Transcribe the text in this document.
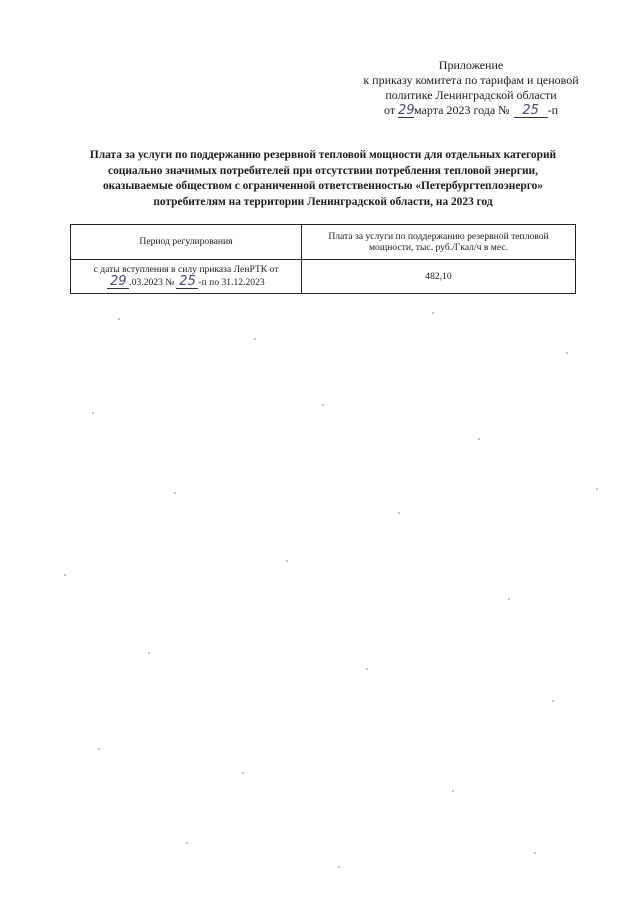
Приложение
к приказу комитета по тарифам и ценовой
политике Ленинградской области
от 29марта 2023 года № 25 -п
Плата за услуги по поддержанию резервной тепловой мощности для отдельных категорий
социально значимых потребителей при отсутствии потребления тепловой энергии,
оказываемые обществом с ограниченной ответственностью «Петербургтеплоэнерго»
потребителям на территории Ленинградской области, на 2023 год
Период регулирования	Плата за услуги по поддержанию резервной тепловой мощности, тыс. руб./Гкал/ч в мес.

с даты вступления в силу приказа ЛенРТК от
29 .03.2023 № 25 -п по 31.12.2023	482,10
